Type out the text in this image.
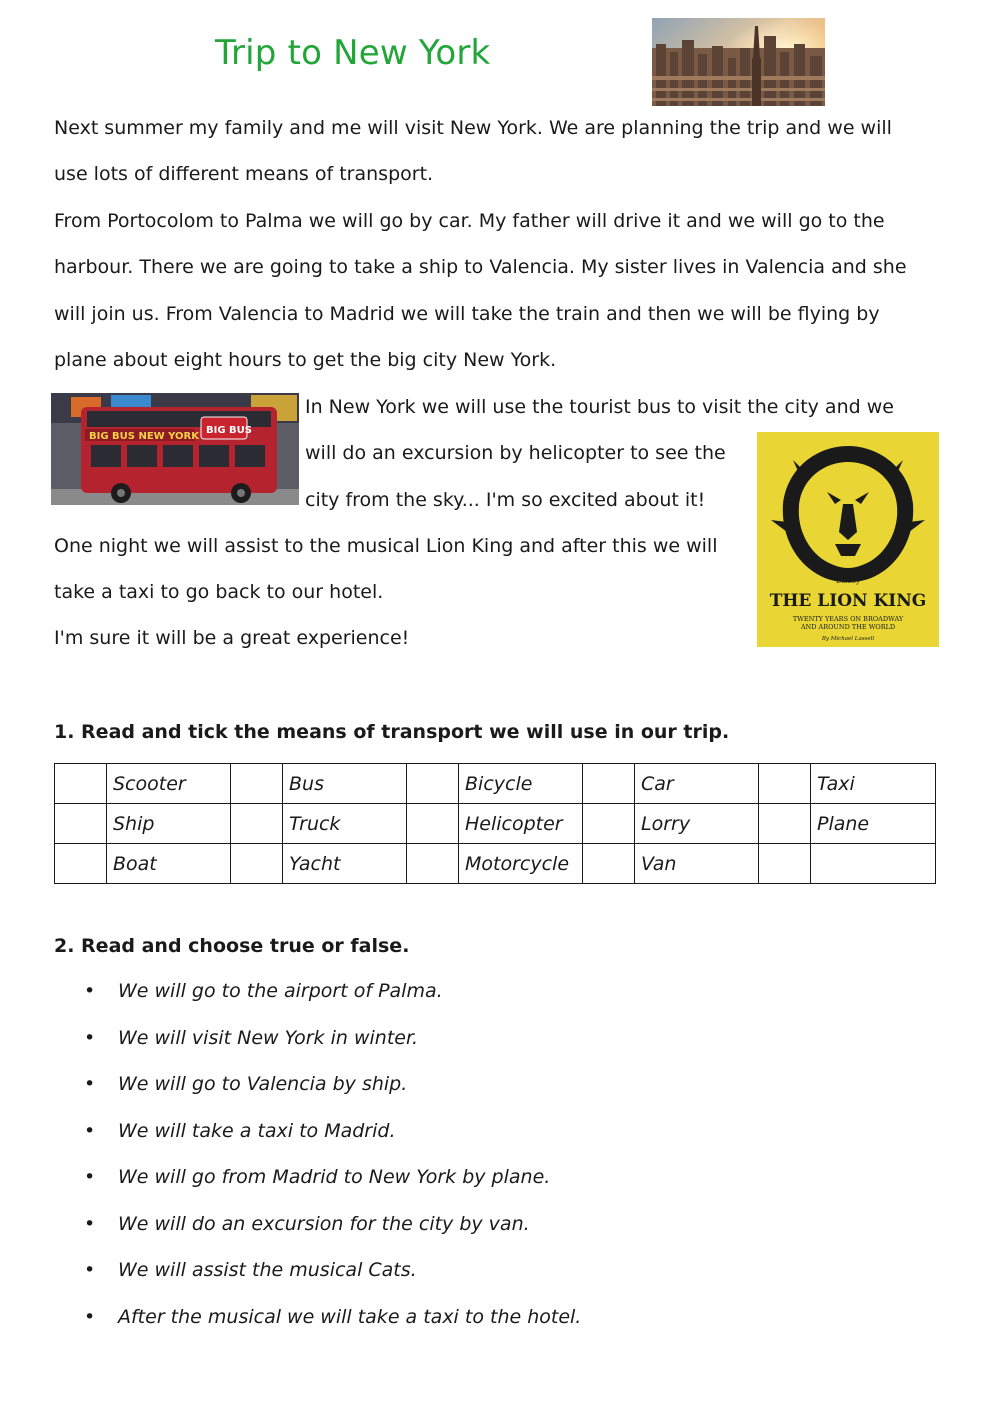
Trip to New York

Next summer my family and me will visit New York. We are planning the trip and we will

use lots of different means of transport.

From Portocolom to Palma we will go by car. My father will drive it and we will go to the

harbour. There we are going to take a ship to Valencia. My sister lives in Valencia and she

will join us. From Valencia to Madrid we will take the train and then we will be flying by

plane about eight hours to get the big city New York.

BIG BUS NEW YORK
BIG BUS

In New York we will use the tourist bus to visit the city and we

will do an excursion by helicopter to see the

city from the sky... I'm so excited about it!

One night we will assist to the musical Lion King and after this we will

take a taxi to go back to our hotel.

I'm sure it will be a great experience!

Disney
THE LION KING
TWENTY YEARS ON BROADWAY
AND AROUND THE WORLD
By Michael Lassell

1. Read and tick the means of transport we will use in our trip.

	Scooter		Bus		Bicycle		Car		Taxi
	Ship		Truck		Helicopter		Lorry		Plane
	Boat		Yacht		Motorcycle		Van		

2. Read and choose true or false.

• We will go to the airport of Palma.
• We will visit New York in winter.
• We will go to Valencia by ship.
• We will take a taxi to Madrid.
• We will go from Madrid to New York by plane.
• We will do an excursion for the city by van.
• We will assist the musical Cats.
• After the musical we will take a taxi to the hotel.
